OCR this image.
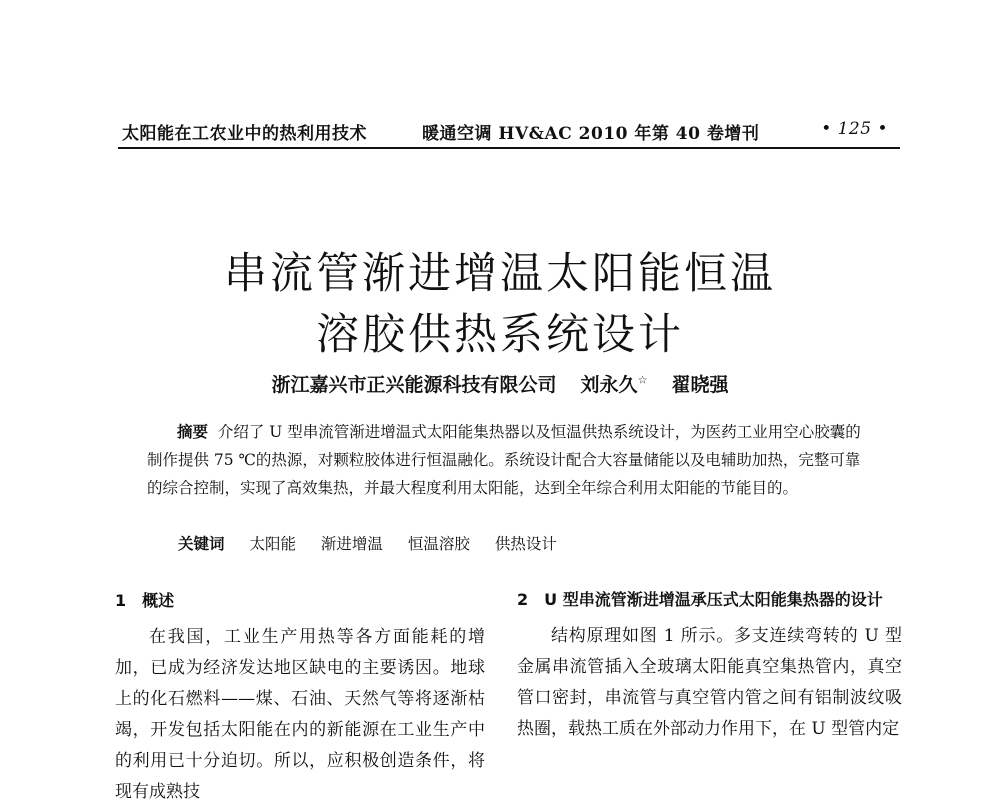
太阳能在工农业中的热利用技术	暖通空调 HV&AC 2010 年第 40 卷增刊	• 125 •
串流管渐进增温太阳能恒温
溶胶供热系统设计
浙江嘉兴市正兴能源科技有限公司 刘永久☆ 翟晓强
摘要 介绍了 U 型串流管渐进增温式太阳能集热器以及恒温供热系统设计，为医药工业用空心胶囊的制作提供 75 ℃的热源，对颗粒胶体进行恒温融化。系统设计配合大容量储能以及电辅助加热，完整可靠的综合控制，实现了高效集热，并最大程度利用太阳能，达到全年综合利用太阳能的节能目的。
关键词 太阳能 渐进增温 恒温溶胶 供热设计
1　概述

在我国，工业生产用热等各方面能耗的增加，已成为经济发达地区缺电的主要诱因。地球上的化石燃料——煤、石油、天然气等将逐渐枯竭，开发包括太阳能在内的新能源在工业生产中的利用已十分迫切。所以，应积极创造条件，将现有成熟技

2　U 型串流管渐进增温承压式太阳能集热器的设计

结构原理如图 1 所示。多支连续弯转的 U 型金属串流管插入全玻璃太阳能真空集热管内，真空管口密封，串流管与真空管内管之间有铝制波纹吸热圈，载热工质在外部动力作用下，在 U 型管内定
